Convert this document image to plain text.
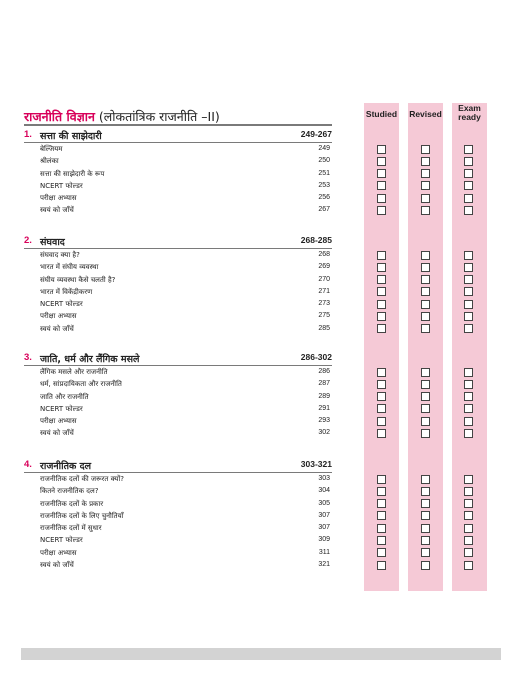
Studied	Revised
Exam
ready
राजनीति विज्ञान (लोकतांत्रिक राजनीति –II)
1. सत्ता की साझेदारी	249-267
बेल्जियम	249
श्रीलंका	250
सत्ता की साझेदारी के रूप	251
NCERT फोल्डर	253
परीक्षा अभ्यास	256
स्वयं को जाँचें	267
2. संघवाद	268-285
संघवाद क्या है?	268
भारत में संघीय व्यवस्था	269
संघीय व्यवस्था कैसे चलती है?	270
भारत में विकेंद्रीकरण	271
NCERT फोल्डर	273
परीक्षा अभ्यास	275
स्वयं को जाँचें	285
3. जाति, धर्म और लैंगिक मसले	286-302
लैंगिक मसले और राजनीति	286
धर्म, सांप्रदायिकता और राजनीति	287
जाति और राजनीति	289
NCERT फोल्डर	291
परीक्षा अभ्यास	293
स्वयं को जाँचें	302
4. राजनीतिक दल	303-321
राजनीतिक दलों की जरूरत क्यों?	303
कितने राजनीतिक दल?	304
राजनीतिक दलों के प्रकार	305
राजनीतिक दलों के लिए चुनौतियाँ	307
राजनीतिक दलों में सुधार	307
NCERT फोल्डर	309
परीक्षा अभ्यास	311
स्वयं को जाँचें	321
